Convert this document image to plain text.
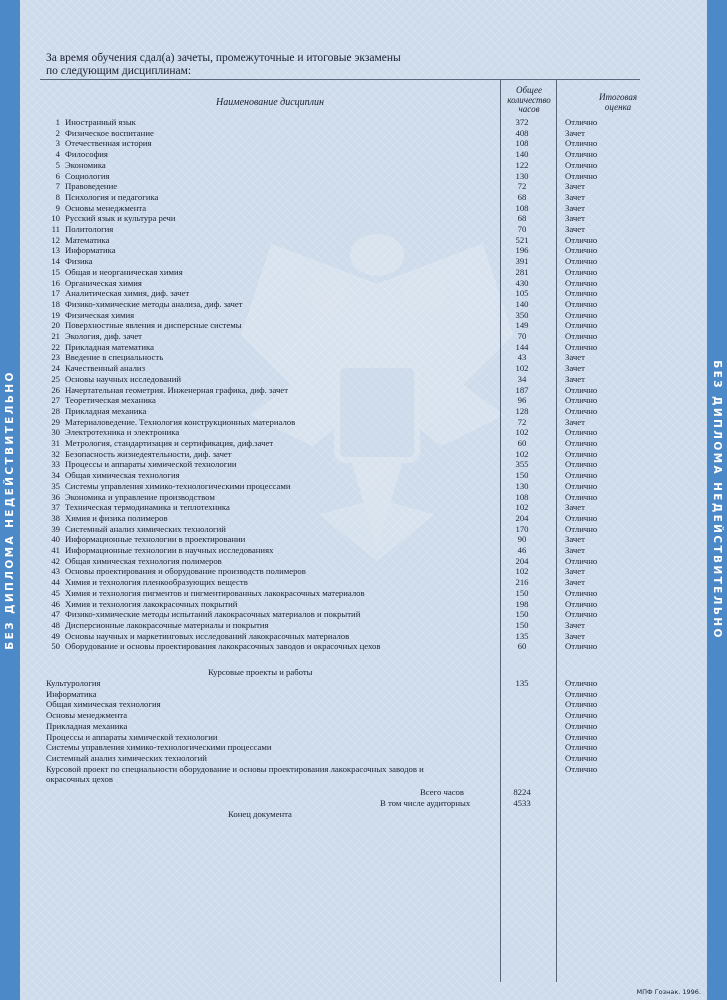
БЕЗ ДИПЛОМА НЕДЕЙСТВИТЕЛЬНО	БЕЗ ДИПЛОМА НЕДЕЙСТВИТЕЛЬНО
За время обучения сдал(а) зачеты, промежуточные и итоговые экзамены
по следующим дисциплинам:
Наименование дисциплин
Общее
количество
часов
Итоговая
оценка
1 Иностранный язык	372	Отлично
2 Физическое воспитание	408	Зачет
3 Отечественная история	108	Отлично
4 Философия	140	Отлично
5 Экономика	122	Отлично
6 Социология	130	Отлично
7 Правоведение	72	Зачет
8 Психология и педагогика	68	Зачет
9 Основы менеджмента	108	Зачет
10 Русский язык и культура речи	68	Зачет
11 Политология	70	Зачет
12 Математика	521	Отлично
13 Информатика	196	Отлично
14 Физика	391	Отлично
15 Общая и неорганическая химия	281	Отлично
16 Органическая химия	430	Отлично
17 Аналитическая химия, диф. зачет	105	Отлично
18 Физико-химические методы анализа, диф. зачет	140	Отлично
19 Физическая химия	350	Отлично
20 Поверхностные явления и дисперсные системы	149	Отлично
21 Экология, диф. зачет	70	Отлично
22 Прикладная математика	144	Отлично
23 Введение в специальность	43	Зачет
24 Качественный анализ	102	Зачет
25 Основы научных исследований	34	Зачет
26 Начертательная геометрия. Инженерная графика, диф. зачет	187	Отлично
27 Теоретическая механика	96	Отлично
28 Прикладная механика	128	Отлично
29 Материаловедение. Технология конструкционных материалов	72	Зачет
30 Электротехника и электроника	102	Отлично
31 Метрология, стандартизация и сертификация, диф.зачет	60	Отлично
32 Безопасность жизнедеятельности, диф. зачет	102	Отлично
33 Процессы и аппараты химической технологии	355	Отлично
34 Общая химическая технология	150	Отлично
35 Системы управления химико-технологическими процессами	130	Отлично
36 Экономика и управление производством	108	Отлично
37 Техническая термодинамика и теплотехника	102	Зачет
38 Химия и физика полимеров	204	Отлично
39 Системный анализ химических технологий	170	Отлично
40 Информационные технологии в проектировании	90	Зачет
41 Информационные технологии в научных исследованиях	46	Зачет
42 Общая химическая технология полимеров	204	Отлично
43 Основы проектирования и оборудование производств полимеров	102	Зачет
44 Химия и технология пленкообразующих веществ	216	Зачет
45 Химия и технология пигментов и пигментированных лакокрасочных материалов	150	Отлично
46 Химия и технология лакокрасочных покрытий	198	Отлично
47 Физико-химические методы испытаний лакокрасочных материалов и покрытий	150	Отлично
48 Дисперсионные лакокрасочные материалы и покрытия	150	Зачет
49 Основы научных и маркетинговых исследований лакокрасочных материалов	135	Зачет
50 Оборудование и основы проектирования лакокрасочных заводов и окрасочных цехов	60	Отлично
Культурология	135	Отлично
Информатика	Отлично
Общая химическая технология	Отлично
Основы менеджмента	Отлично
Прикладная механика	Отлично
Процессы и аппараты химической технологии	Отлично
Системы управления химико-технологическими процессами	Отлично
Системный анализ химических технологий	Отлично
Курсовой проект по специальности оборудование и основы проектирования лакокрасочных заводов и	Отлично
окрасочных цехов
Курсовые проекты и работы
Всего часов	8224
В том числе аудиторных	4533
Конец документа
МПФ Гознак. 1996.
